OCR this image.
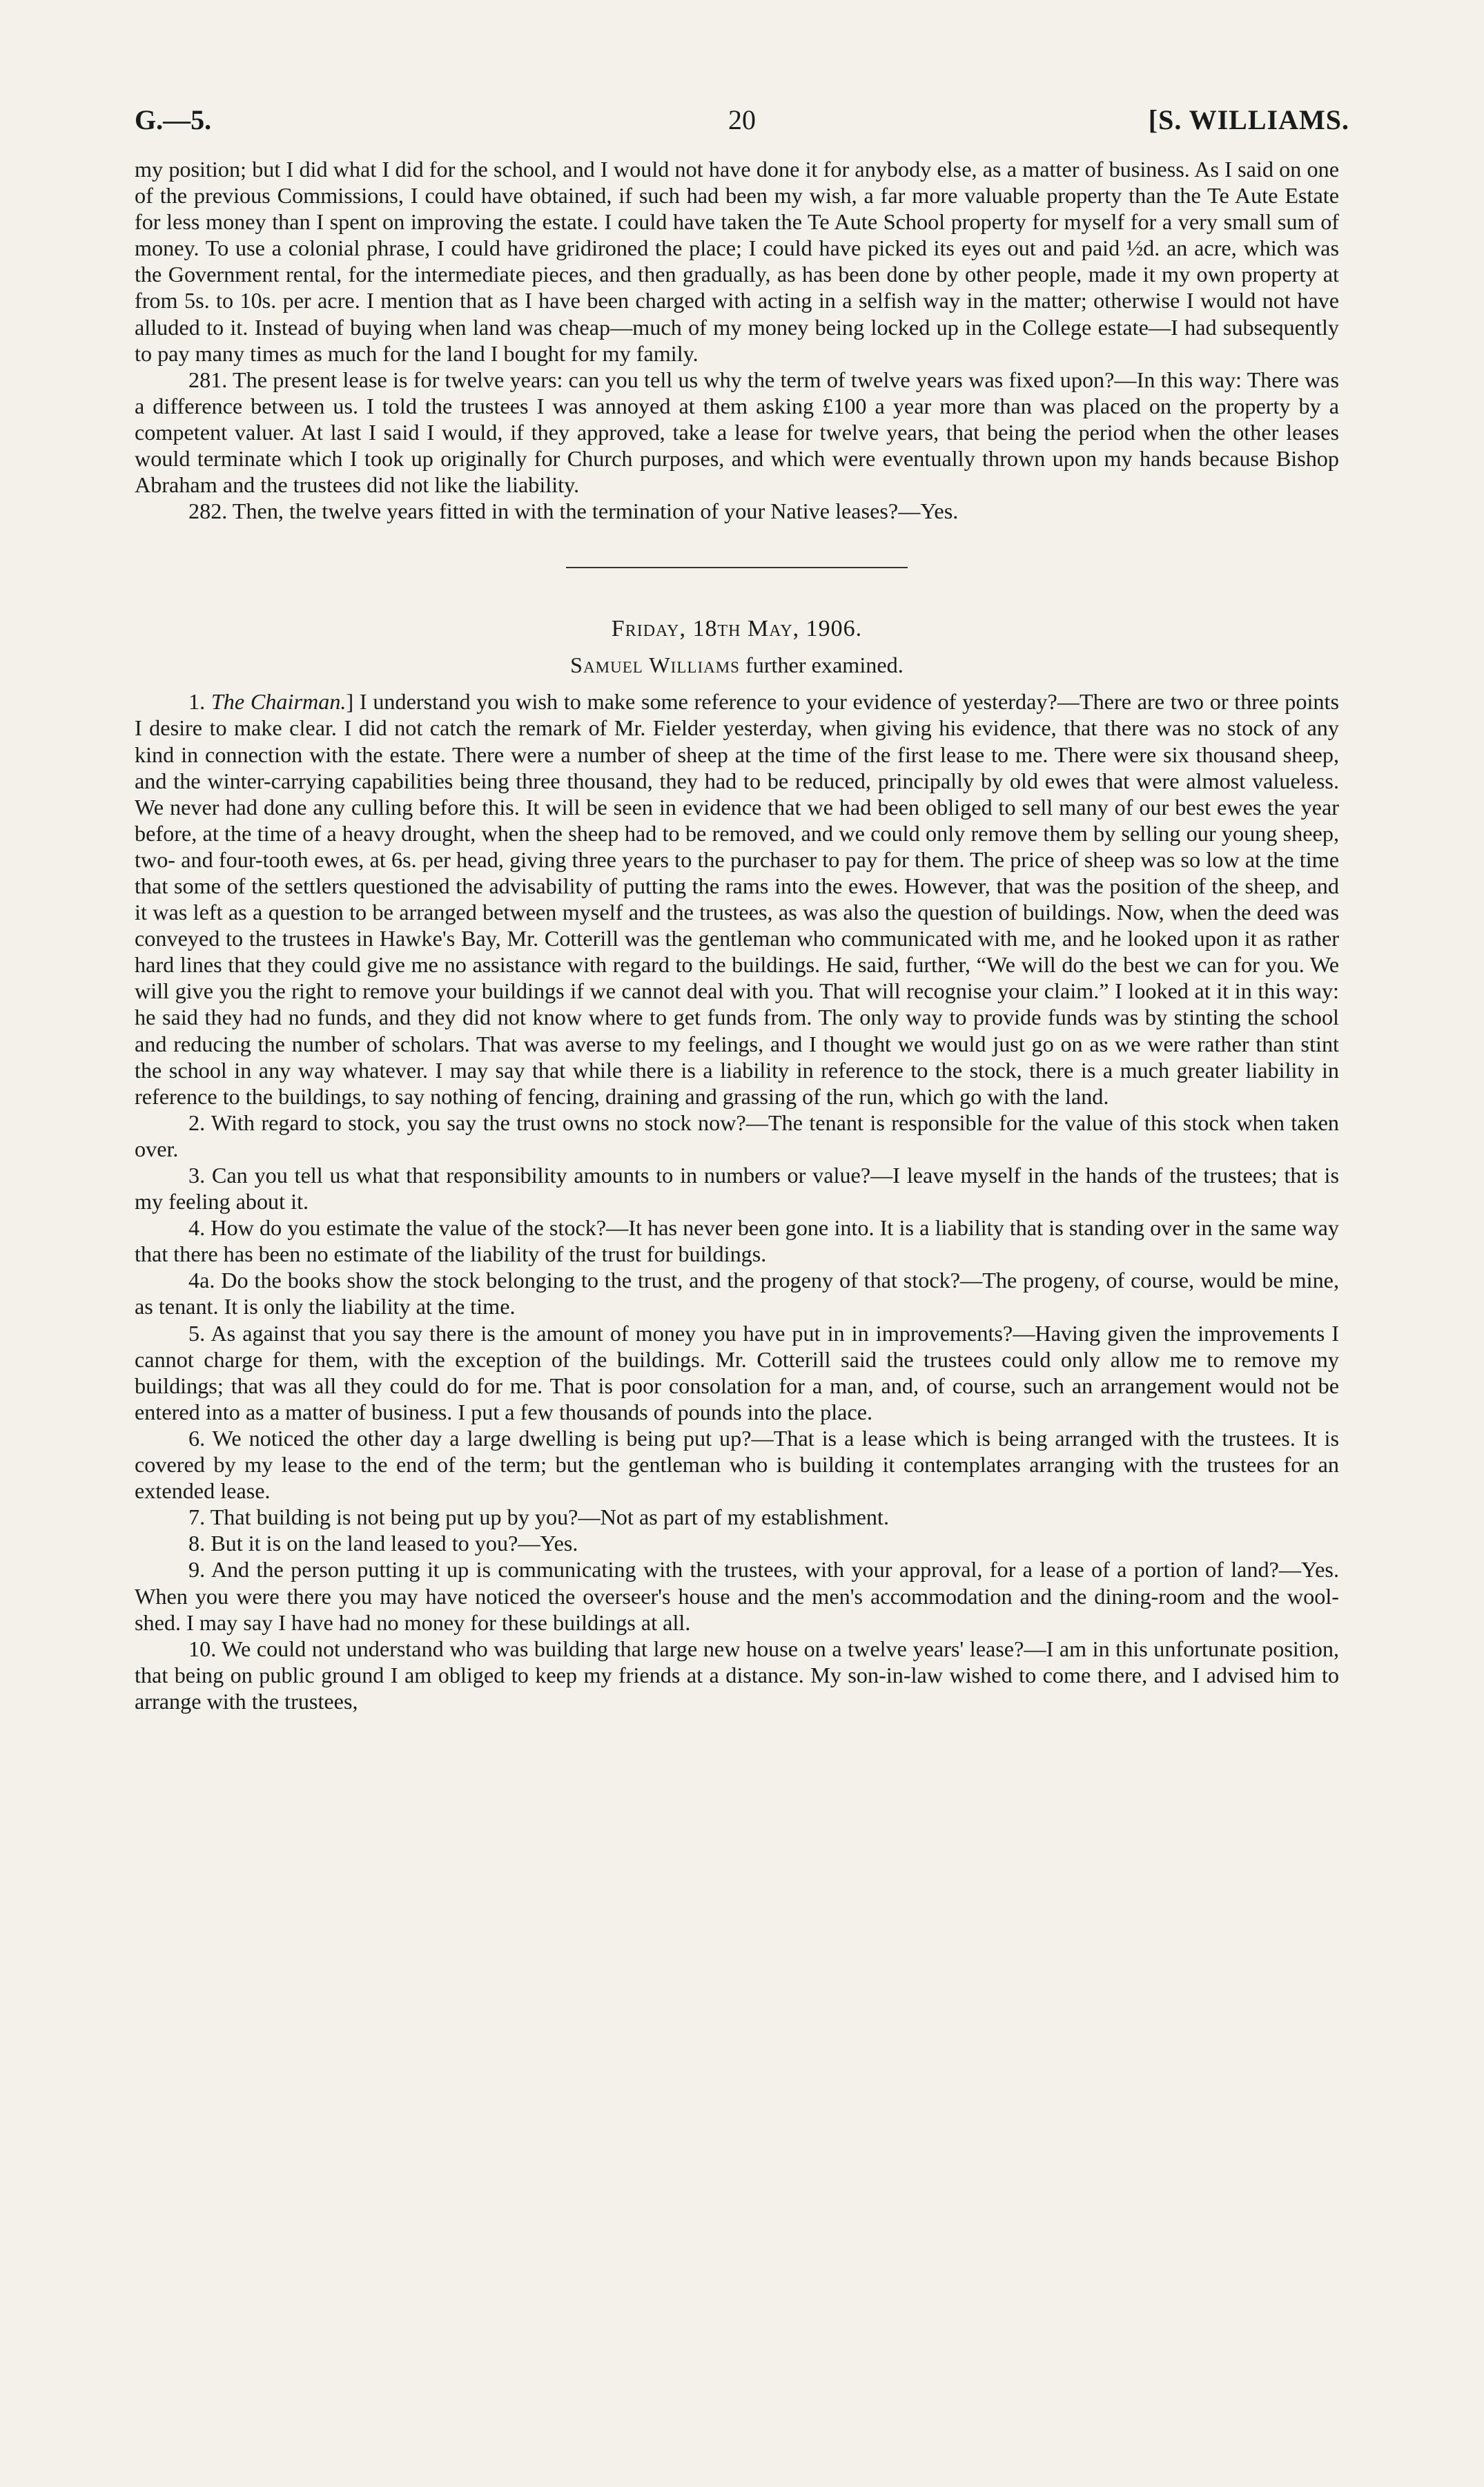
G.—5.	20	[S. WILLIAMS.

my position; but I did what I did for the school, and I would not have done it for anybody else, as a matter of business. As I said on one of the previous Commissions, I could have obtained, if such had been my wish, a far more valuable property than the Te Aute Estate for less money than I spent on improving the estate. I could have taken the Te Aute School property for myself for a very small sum of money. To use a colonial phrase, I could have gridironed the place; I could have picked its eyes out and paid ½d. an acre, which was the Government rental, for the intermediate pieces, and then gradually, as has been done by other people, made it my own property at from 5s. to 10s. per acre. I mention that as I have been charged with acting in a selfish way in the matter; otherwise I would not have alluded to it. Instead of buying when land was cheap—much of my money being locked up in the College estate—I had subsequently to pay many times as much for the land I bought for my family.

281. The present lease is for twelve years: can you tell us why the term of twelve years was fixed upon?—In this way: There was a difference between us. I told the trustees I was annoyed at them asking £100 a year more than was placed on the property by a competent valuer. At last I said I would, if they approved, take a lease for twelve years, that being the period when the other leases would terminate which I took up originally for Church purposes, and which were eventually thrown upon my hands because Bishop Abraham and the trustees did not like the liability.

282. Then, the twelve years fitted in with the termination of your Native leases?—Yes.

Friday, 18th May, 1906.
Samuel Williams further examined.

1. The Chairman.] I understand you wish to make some reference to your evidence of yesterday?—There are two or three points I desire to make clear. I did not catch the remark of Mr. Fielder yesterday, when giving his evidence, that there was no stock of any kind in connection with the estate. There were a number of sheep at the time of the first lease to me. There were six thousand sheep, and the winter-carrying capabilities being three thousand, they had to be reduced, principally by old ewes that were almost valueless. We never had done any culling before this. It will be seen in evidence that we had been obliged to sell many of our best ewes the year before, at the time of a heavy drought, when the sheep had to be removed, and we could only remove them by selling our young sheep, two- and four-tooth ewes, at 6s. per head, giving three years to the purchaser to pay for them. The price of sheep was so low at the time that some of the settlers questioned the advisability of putting the rams into the ewes. However, that was the position of the sheep, and it was left as a question to be arranged between myself and the trustees, as was also the question of buildings. Now, when the deed was conveyed to the trustees in Hawke's Bay, Mr. Cotterill was the gentleman who communicated with me, and he looked upon it as rather hard lines that they could give me no assistance with regard to the buildings. He said, further, “We will do the best we can for you. We will give you the right to remove your buildings if we cannot deal with you. That will recognise your claim.” I looked at it in this way: he said they had no funds, and they did not know where to get funds from. The only way to provide funds was by stinting the school and reducing the number of scholars. That was averse to my feelings, and I thought we would just go on as we were rather than stint the school in any way whatever. I may say that while there is a liability in reference to the stock, there is a much greater liability in reference to the buildings, to say nothing of fencing, draining and grassing of the run, which go with the land.

2. With regard to stock, you say the trust owns no stock now?—The tenant is responsible for the value of this stock when taken over.

3. Can you tell us what that responsibility amounts to in numbers or value?—I leave myself in the hands of the trustees; that is my feeling about it.

4. How do you estimate the value of the stock?—It has never been gone into. It is a liability that is standing over in the same way that there has been no estimate of the liability of the trust for buildings.

4a. Do the books show the stock belonging to the trust, and the progeny of that stock?—The progeny, of course, would be mine, as tenant. It is only the liability at the time.

5. As against that you say there is the amount of money you have put in in improvements?—Having given the improvements I cannot charge for them, with the exception of the buildings. Mr. Cotterill said the trustees could only allow me to remove my buildings; that was all they could do for me. That is poor consolation for a man, and, of course, such an arrangement would not be entered into as a matter of business. I put a few thousands of pounds into the place.

6. We noticed the other day a large dwelling is being put up?—That is a lease which is being arranged with the trustees. It is covered by my lease to the end of the term; but the gentleman who is building it contemplates arranging with the trustees for an extended lease.

7. That building is not being put up by you?—Not as part of my establishment.

8. But it is on the land leased to you?—Yes.

9. And the person putting it up is communicating with the trustees, with your approval, for a lease of a portion of land?—Yes. When you were there you may have noticed the overseer's house and the men's accommodation and the dining-room and the wool-shed. I may say I have had no money for these buildings at all.

10. We could not understand who was building that large new house on a twelve years' lease?—I am in this unfortunate position, that being on public ground I am obliged to keep my friends at a distance. My son-in-law wished to come there, and I advised him to arrange with the trustees,
